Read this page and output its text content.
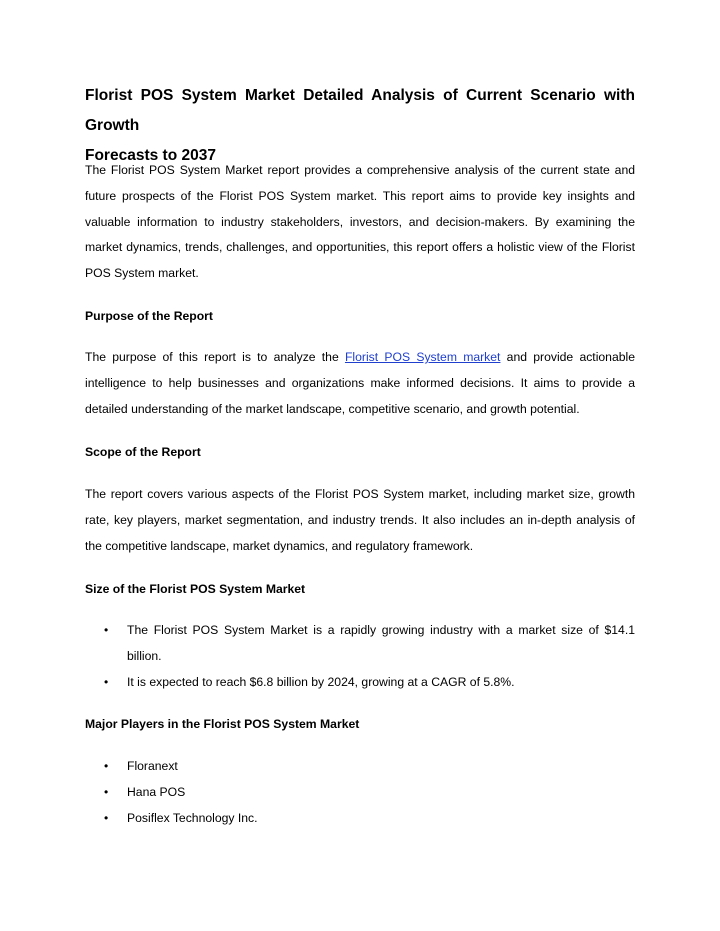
Florist POS System Market Detailed Analysis of Current Scenario with Growth
Forecasts to 2037

The Florist POS System Market report provides a comprehensive analysis of the current state and future prospects of the Florist POS System market. This report aims to provide key insights and valuable information to industry stakeholders, investors, and decision-makers. By examining the market dynamics, trends, challenges, and opportunities, this report offers a holistic view of the Florist POS System market.

Purpose of the Report

The purpose of this report is to analyze the Florist POS System market and provide actionable intelligence to help businesses and organizations make informed decisions. It aims to provide a detailed understanding of the market landscape, competitive scenario, and growth potential.

Scope of the Report

The report covers various aspects of the Florist POS System market, including market size, growth rate, key players, market segmentation, and industry trends. It also includes an in-depth analysis of the competitive landscape, market dynamics, and regulatory framework.

Size of the Florist POS System Market
• The Florist POS System Market is a rapidly growing industry with a market size of $14.1 billion.
• It is expected to reach $6.8 billion by 2024, growing at a CAGR of 5.8%.
Major Players in the Florist POS System Market
• Floranext
• Hana POS
• Posiflex Technology Inc.
